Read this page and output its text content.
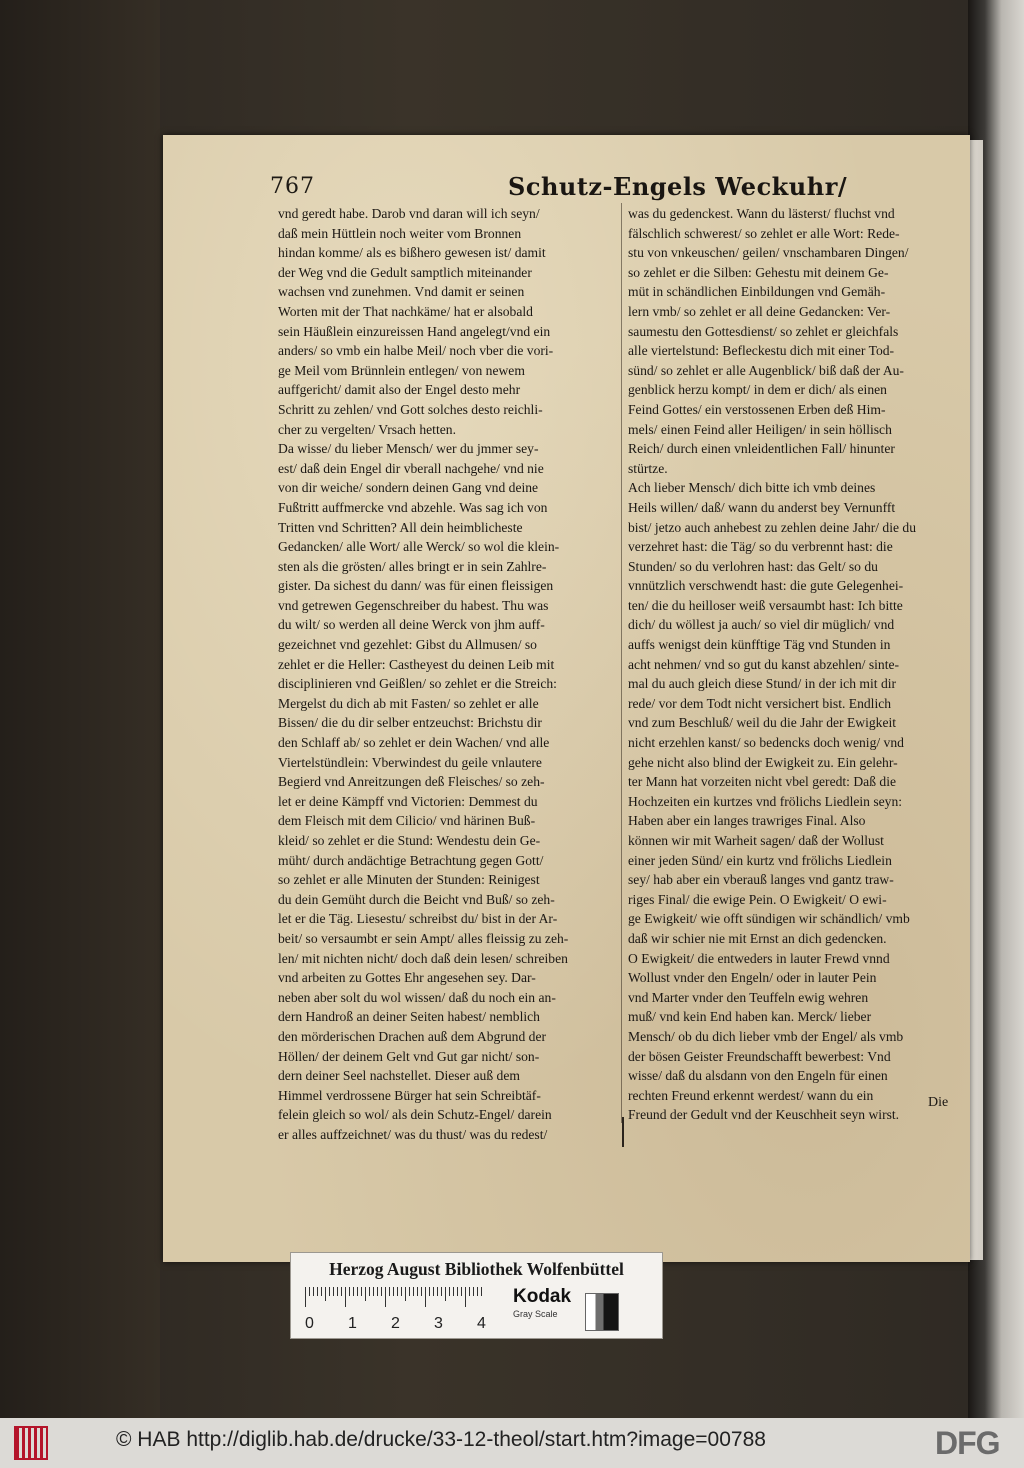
767	Schutz-Engels Weckuhr/
vnd geredt habe. Darob vnd daran will ich seyn/
daß mein Hüttlein noch weiter vom Bronnen
hindan komme/ als es bißhero gewesen ist/ damit
der Weg vnd die Gedult samptlich miteinander
wachsen vnd zunehmen. Vnd damit er seinen
Worten mit der That nachkäme/ hat er alsobald
sein Häußlein einzureissen Hand angelegt/vnd ein
anders/ so vmb ein halbe Meil/ noch vber die vori-
ge Meil vom Brünnlein entlegen/ von newem
auffgericht/ damit also der Engel desto mehr
Schritt zu zehlen/ vnd Gott solches desto reichli-
cher zu vergelten/ Vrsach hetten.
Da wisse/ du lieber Mensch/ wer du jmmer sey-
est/ daß dein Engel dir vberall nachgehe/ vnd nie
von dir weiche/ sondern deinen Gang vnd deine
Fußtritt auffmercke vnd abzehle. Was sag ich von
Tritten vnd Schritten? All dein heimblicheste
Gedancken/ alle Wort/ alle Werck/ so wol die klein-
sten als die grösten/ alles bringt er in sein Zahlre-
gister. Da sichest du dann/ was für einen fleissigen
vnd getrewen Gegenschreiber du habest. Thu was
du wilt/ so werden all deine Werck von jhm auff-
gezeichnet vnd gezehlet: Gibst du Allmusen/ so
zehlet er die Heller: Castheyest du deinen Leib mit
disciplinieren vnd Geißlen/ so zehlet er die Streich:
Mergelst du dich ab mit Fasten/ so zehlet er alle
Bissen/ die du dir selber entzeuchst: Brichstu dir
den Schlaff ab/ so zehlet er dein Wachen/ vnd alle
Viertelstündlein: Vberwindest du geile vnlautere
Begierd vnd Anreitzungen deß Fleisches/ so zeh-
let er deine Kämpff vnd Victorien: Demmest du
dem Fleisch mit dem Cilicio/ vnd härinen Buß-
kleid/ so zehlet er die Stund: Wendestu dein Ge-
müht/ durch andächtige Betrachtung gegen Gott/
so zehlet er alle Minuten der Stunden: Reinigest
du dein Gemüht durch die Beicht vnd Buß/ so zeh-
let er die Täg. Liesestu/ schreibst du/ bist in der Ar-
beit/ so versaumbt er sein Ampt/ alles fleissig zu zeh-
len/ mit nichten nicht/ doch daß dein lesen/ schreiben
vnd arbeiten zu Gottes Ehr angesehen sey. Dar-
neben aber solt du wol wissen/ daß du noch ein an-
dern Handroß an deiner Seiten habest/ nemblich
den mörderischen Drachen auß dem Abgrund der
Höllen/ der deinem Gelt vnd Gut gar nicht/ son-
dern deiner Seel nachstellet. Dieser auß dem
Himmel verdrossene Bürger hat sein Schreibtäf-
felein gleich so wol/ als dein Schutz-Engel/ darein
er alles auffzeichnet/ was du thust/ was du redest/
was du gedenckest. Wann du lästerst/ fluchst vnd
fälschlich schwerest/ so zehlet er alle Wort: Rede-
stu von vnkeuschen/ geilen/ vnschambaren Dingen/
so zehlet er die Silben: Gehestu mit deinem Ge-
müt in schändlichen Einbildungen vnd Gemäh-
lern vmb/ so zehlet er all deine Gedancken: Ver-
saumestu den Gottesdienst/ so zehlet er gleichfals
alle viertelstund: Befleckestu dich mit einer Tod-
sünd/ so zehlet er alle Augenblick/ biß daß der Au-
genblick herzu kompt/ in dem er dich/ als einen
Feind Gottes/ ein verstossenen Erben deß Him-
mels/ einen Feind aller Heiligen/ in sein höllisch
Reich/ durch einen vnleidentlichen Fall/ hinunter
stürtze.
Ach lieber Mensch/ dich bitte ich vmb deines
Heils willen/ daß/ wann du anderst bey Vernunfft
bist/ jetzo auch anhebest zu zehlen deine Jahr/ die du
verzehret hast: die Täg/ so du verbrennt hast: die
Stunden/ so du verlohren hast: das Gelt/ so du
vnnützlich verschwendt hast: die gute Gelegenhei-
ten/ die du heilloser weiß versaumbt hast: Ich bitte
dich/ du wöllest ja auch/ so viel dir müglich/ vnd
auffs wenigst dein künfftige Täg vnd Stunden in
acht nehmen/ vnd so gut du kanst abzehlen/ sinte-
mal du auch gleich diese Stund/ in der ich mit dir
rede/ vor dem Todt nicht versichert bist. Endlich
vnd zum Beschluß/ weil du die Jahr der Ewigkeit
nicht erzehlen kanst/ so bedencks doch wenig/ vnd
gehe nicht also blind der Ewigkeit zu. Ein gelehr-
ter Mann hat vorzeiten nicht vbel geredt: Daß die
Hochzeiten ein kurtzes vnd frölichs Liedlein seyn:
Haben aber ein langes trawriges Final. Also
können wir mit Warheit sagen/ daß der Wollust
einer jeden Sünd/ ein kurtz vnd frölichs Liedlein
sey/ hab aber ein vberauß langes vnd gantz traw-
riges Final/ die ewige Pein. O Ewigkeit/ O ewi-
ge Ewigkeit/ wie offt sündigen wir schändlich/ vmb
daß wir schier nie mit Ernst an dich gedencken.
O Ewigkeit/ die entweders in lauter Frewd vnnd
Wollust vnder den Engeln/ oder in lauter Pein
vnd Marter vnder den Teuffeln ewig wehren
muß/ vnd kein End haben kan. Merck/ lieber
Mensch/ ob du dich lieber vmb der Engel/ als vmb
der bösen Geister Freundschafft bewerbest: Vnd
wisse/ daß du alsdann von den Engeln für einen
rechten Freund erkennt werdest/ wann du ein
Freund der Gedult vnd der Keuschheit seyn wirst.
Die
Herzog August Bibliothek Wolfenbüttel
0 1 2 3 4
Kodak
Gray Scale
© HAB http://diglib.hab.de/drucke/33-12-theol/start.htm?image=00788	DFG
